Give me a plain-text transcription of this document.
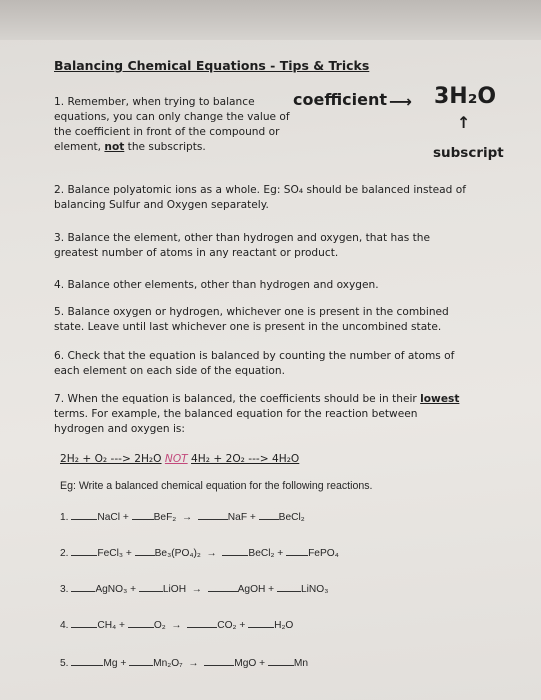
Balancing Chemical Equations - Tips & Tricks
1. Remember, when trying to balance
equations, you can only change the value of
the coefficient in front of the compound or
element, not the subscripts.
coefficient ⟶ 3H₂O
↑
subscript
2. Balance polyatomic ions as a whole. Eg: SO₄ should be balanced instead of
balancing Sulfur and Oxygen separately.
3. Balance the element, other than hydrogen and oxygen, that has the
greatest number of atoms in any reactant or product.
4. Balance other elements, other than hydrogen and oxygen.
5. Balance oxygen or hydrogen, whichever one is present in the combined
state. Leave until last whichever one is present in the uncombined state.
6. Check that the equation is balanced by counting the number of atoms of
each element on each side of the equation.
7. When the equation is balanced, the coefficients should be in their lowest
terms. For example, the balanced equation for the reaction between
hydrogen and oxygen is:
2H₂ + O₂ ---> 2H₂O NOT 4H₂ + 2O₂ ---> 4H₂O
Eg: Write a balanced chemical equation for the following reactions.
1.	NaCl + BeF₂ →	NaF + BeCl₂
2.	FeCl₃ + Be₃(PO₄)₂ →	BeCl₂ + FePO₄
3.	AgNO₃ +	LiOH →	AgOH +	LiNO₃
4.	CH₄ +	O₂ →	CO₂ +	H₂O
5.	Mg +	Mn₂O₇ →	MgO +	Mn
